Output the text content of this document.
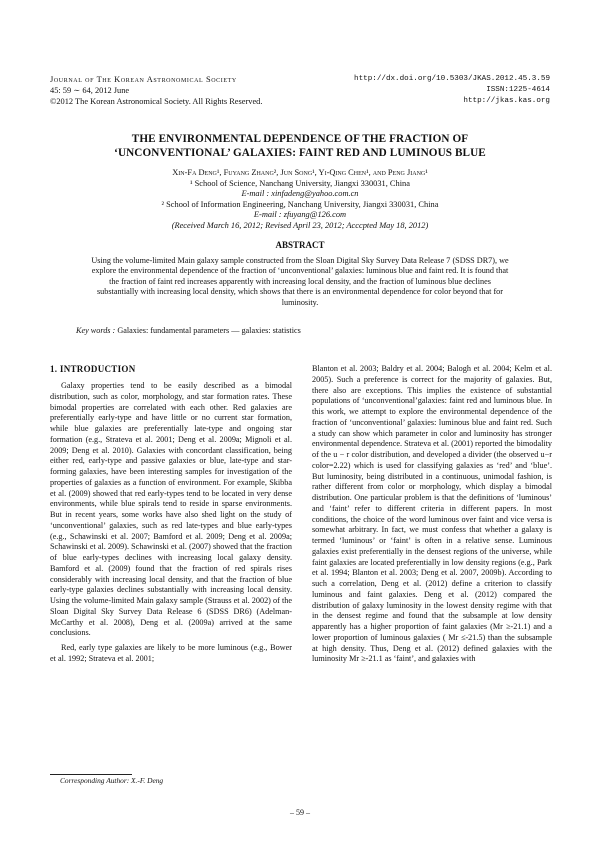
Journal of The Korean Astronomical Society
45: 59 ∼ 64, 2012 June
©2012 The Korean Astronomical Society. All Rights Reserved.
http://dx.doi.org/10.5303/JKAS.2012.45.3.59
ISSN:1225-4614
http://jkas.kas.org
THE ENVIRONMENTAL DEPENDENCE OF THE FRACTION OF
‘UNCONVENTIONAL’ GALAXIES: FAINT RED AND LUMINOUS BLUE
Xin-Fa Deng¹, Fuyang Zhang², Jun Song¹, Yi-Qing Chen¹, and Peng Jiang¹
¹ School of Science, Nanchang University, Jiangxi 330031, China
E-mail : xinfadeng@yahoo.com.cn
² School of Information Engineering, Nanchang University, Jiangxi 330031, China
E-mail : zfuyang@126.com
(Received March 16, 2012; Revised April 23, 2012; Acccpted May 18, 2012)
ABSTRACT
Using the volume-limited Main galaxy sample constructed from the Sloan Digital Sky Survey Data Release 7 (SDSS DR7), we explore the environmental dependence of the fraction of ‘unconventional’ galaxies: luminous blue and faint red. It is found that the fraction of faint red increases apparently with increasing local density, and the fraction of luminous blue declines substantially with increasing local density, which shows that there is an environmental dependence for color beyond that for luminosity.
Key words : Galaxies: fundamental parameters — galaxies: statistics
1. INTRODUCTION

Galaxy properties tend to be easily described as a bimodal distribution, such as color, morphology, and star formation rates. These bimodal properties are correlated with each other. Red galaxies are preferentially early-type and have little or no current star formation, while blue galaxies are preferentially late-type and ongoing star formation (e.g., Strateva et al. 2001; Deng et al. 2009a; Mignoli et al. 2009; Deng et al. 2010). Galaxies with concordant classification, being either red, early-type and passive galaxies or blue, late-type and star-forming galaxies, have been interesting samples for investigation of the properties of galaxies as a function of environment. For example, Skibba et al. (2009) showed that red early-types tend to be located in very dense environments, while blue spirals tend to reside in sparse environments. But in recent years, some works have also shed light on the study of ‘unconventional’ galaxies, such as red late-types and blue early-types (e.g., Schawinski et al. 2007; Bamford et al. 2009; Deng et al. 2009a; Schawinski et al. 2009). Schawinski et al. (2007) showed that the fraction of blue early-types declines with increasing local galaxy density. Bamford et al. (2009) found that the fraction of red spirals rises considerably with increasing local density, and that the fraction of blue early-type galaxies declines substantially with increasing local density. Using the volume-limited Main galaxy sample (Strauss et al. 2002) of the Sloan Digital Sky Survey Data Release 6 (SDSS DR6) (Adelman-McCarthy et al. 2008), Deng et al. (2009a) arrived at the same conclusions.

Red, early type galaxies are likely to be more luminous (e.g., Bower et al. 1992; Strateva et al. 2001;

Blanton et al. 2003; Baldry et al. 2004; Balogh et al. 2004; Kelm et al. 2005). Such a preference is correct for the majority of galaxies. But, there also are exceptions. This implies the existence of substantial populations of ‘unconventional’galaxies: faint red and luminous blue. In this work, we attempt to explore the environmental dependence of the fraction of ‘unconventional’ galaxies: luminous blue and faint red. Such a study can show which parameter in color and luminosity has stronger environmental dependence. Strateva et al. (2001) reported the bimodality of the u − r color distribution, and developed a divider (the observed u−r color=2.22) which is used for classifying galaxies as ‘red’ and ‘blue’. But luminosity, being distributed in a continuous, unimodal fashion, is rather different from color or morphology, which display a bimodal distribution. One particular problem is that the definitions of ‘luminous’ and ‘faint’ refer to different criteria in different papers. In most conditions, the choice of the word luminous over faint and vice versa is somewhat arbitrary. In fact, we must confess that whether a galaxy is termed ‘luminous’ or ‘faint’ is often in a relative sense. Luminous galaxies exist preferentially in the densest regions of the universe, while faint galaxies are located preferentially in low density regions (e.g., Park et al. 1994; Blanton et al. 2003; Deng et al. 2007, 2009b). According to such a correlation, Deng et al. (2012) define a criterion to classify luminous and faint galaxies. Deng et al. (2012) compared the distribution of galaxy luminosity in the lowest density regime with that in the densest regime and found that the subsample at low density apparently has a higher proportion of faint galaxies (Mr ≥-21.1) and a lower proportion of luminous galaxies ( Mr ≤-21.5) than the subsample at high density. Thus, Deng et al. (2012) defined galaxies with the luminosity Mr ≥-21.1 as ‘faint’, and galaxies with

Corresponding Author: X.-F. Deng
– 59 –
